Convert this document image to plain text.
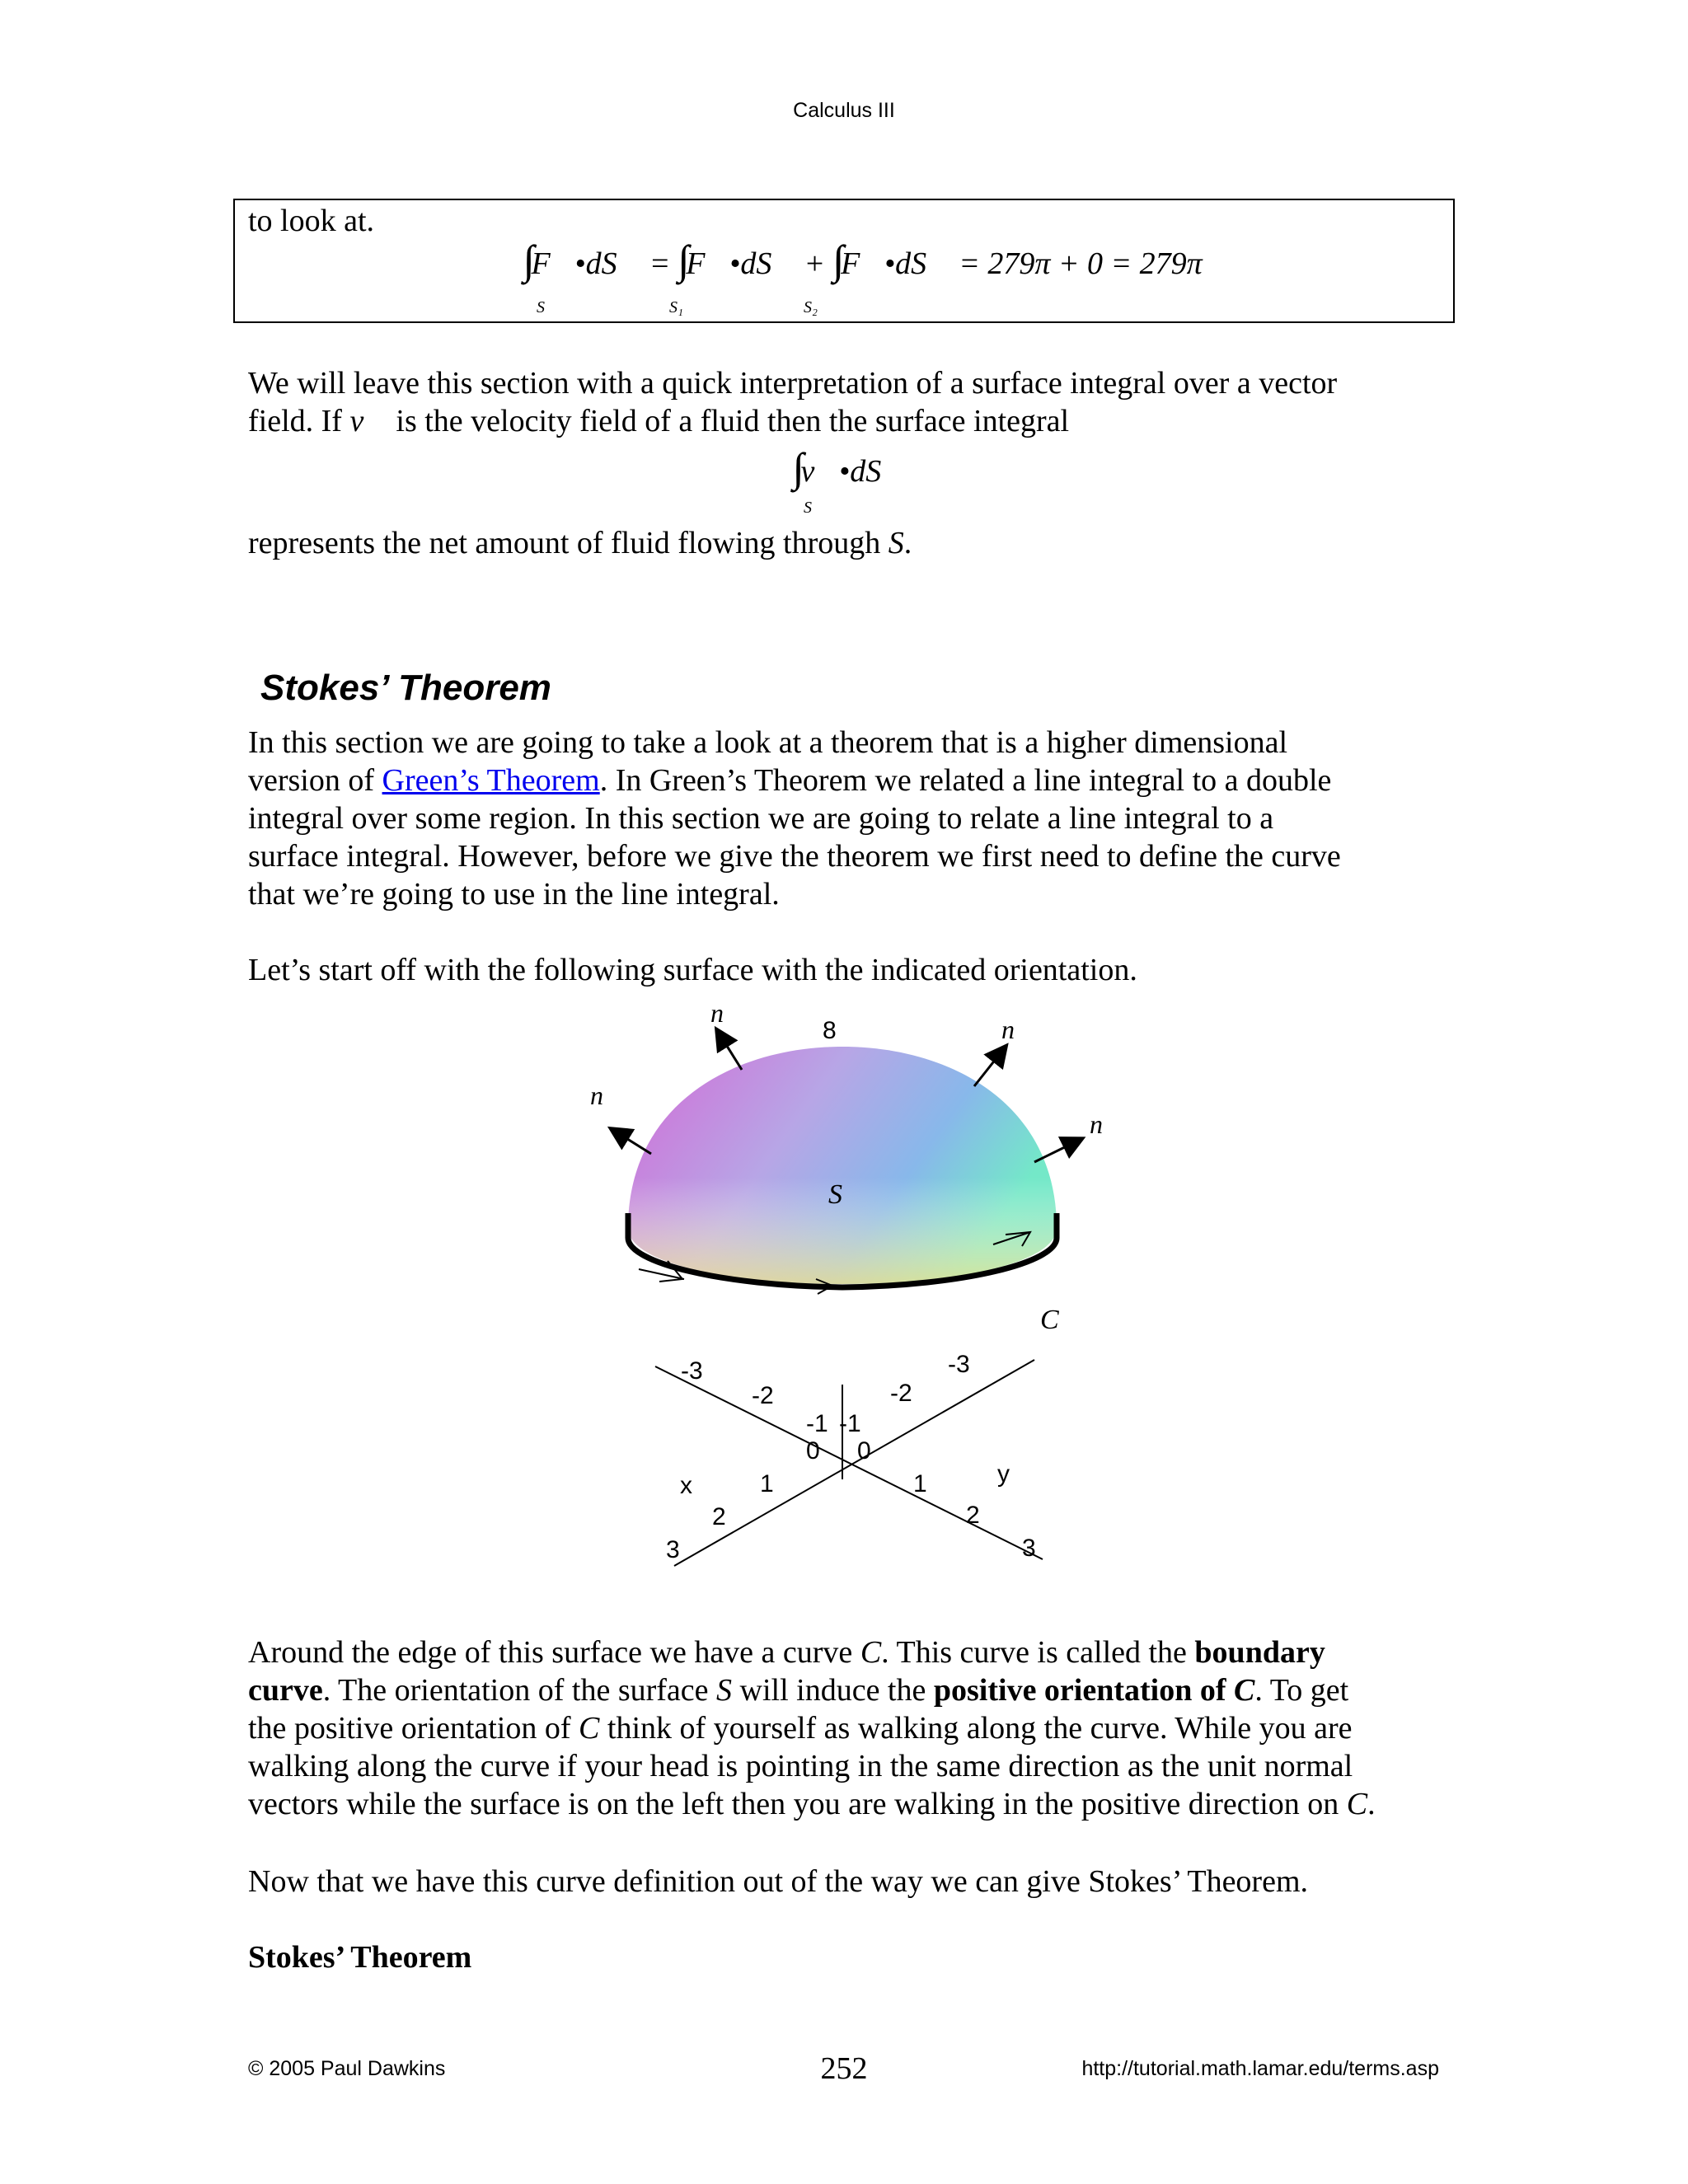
Calculus III
to look at.
F⃗•dS⃗ = F⃗•dS⃗ + F⃗•dS⃗ = 279π + 0 = 279π
S	S₁	S₂
We will leave this section with a quick interpretation of a surface integral over a vector
field. If v⃗ is the velocity field of a fluid then the surface integral
v⃗•dS
S
represents the net amount of fluid flowing through S.
Stokes’ Theorem
In this section we are going to take a look at a theorem that is a higher dimensional
version of Green’s Theorem. In Green’s Theorem we related a line integral to a double
integral over some region. In this section we are going to relate a line integral to a
surface integral. However, before we give the theorem we first need to define the curve
that we’re going to use in the line integral.
Let’s start off with the following surface with the indicated orientation.
n⃗
n⃗
n⃗
n⃗
S
C
8
-3
-2
-1
0
1
2
3
-3
-2
-1
0
1
2
3
x	y
Around the edge of this surface we have a curve C. This curve is called the boundary
curve. The orientation of the surface S will induce the positive orientation of C. To get
the positive orientation of C think of yourself as walking along the curve. While you are
walking along the curve if your head is pointing in the same direction as the unit normal
vectors while the surface is on the left then you are walking in the positive direction on C.
Now that we have this curve definition out of the way we can give Stokes’ Theorem.
Stokes’ Theorem
© 2005 Paul Dawkins	252	http://tutorial.math.lamar.edu/terms.asp
